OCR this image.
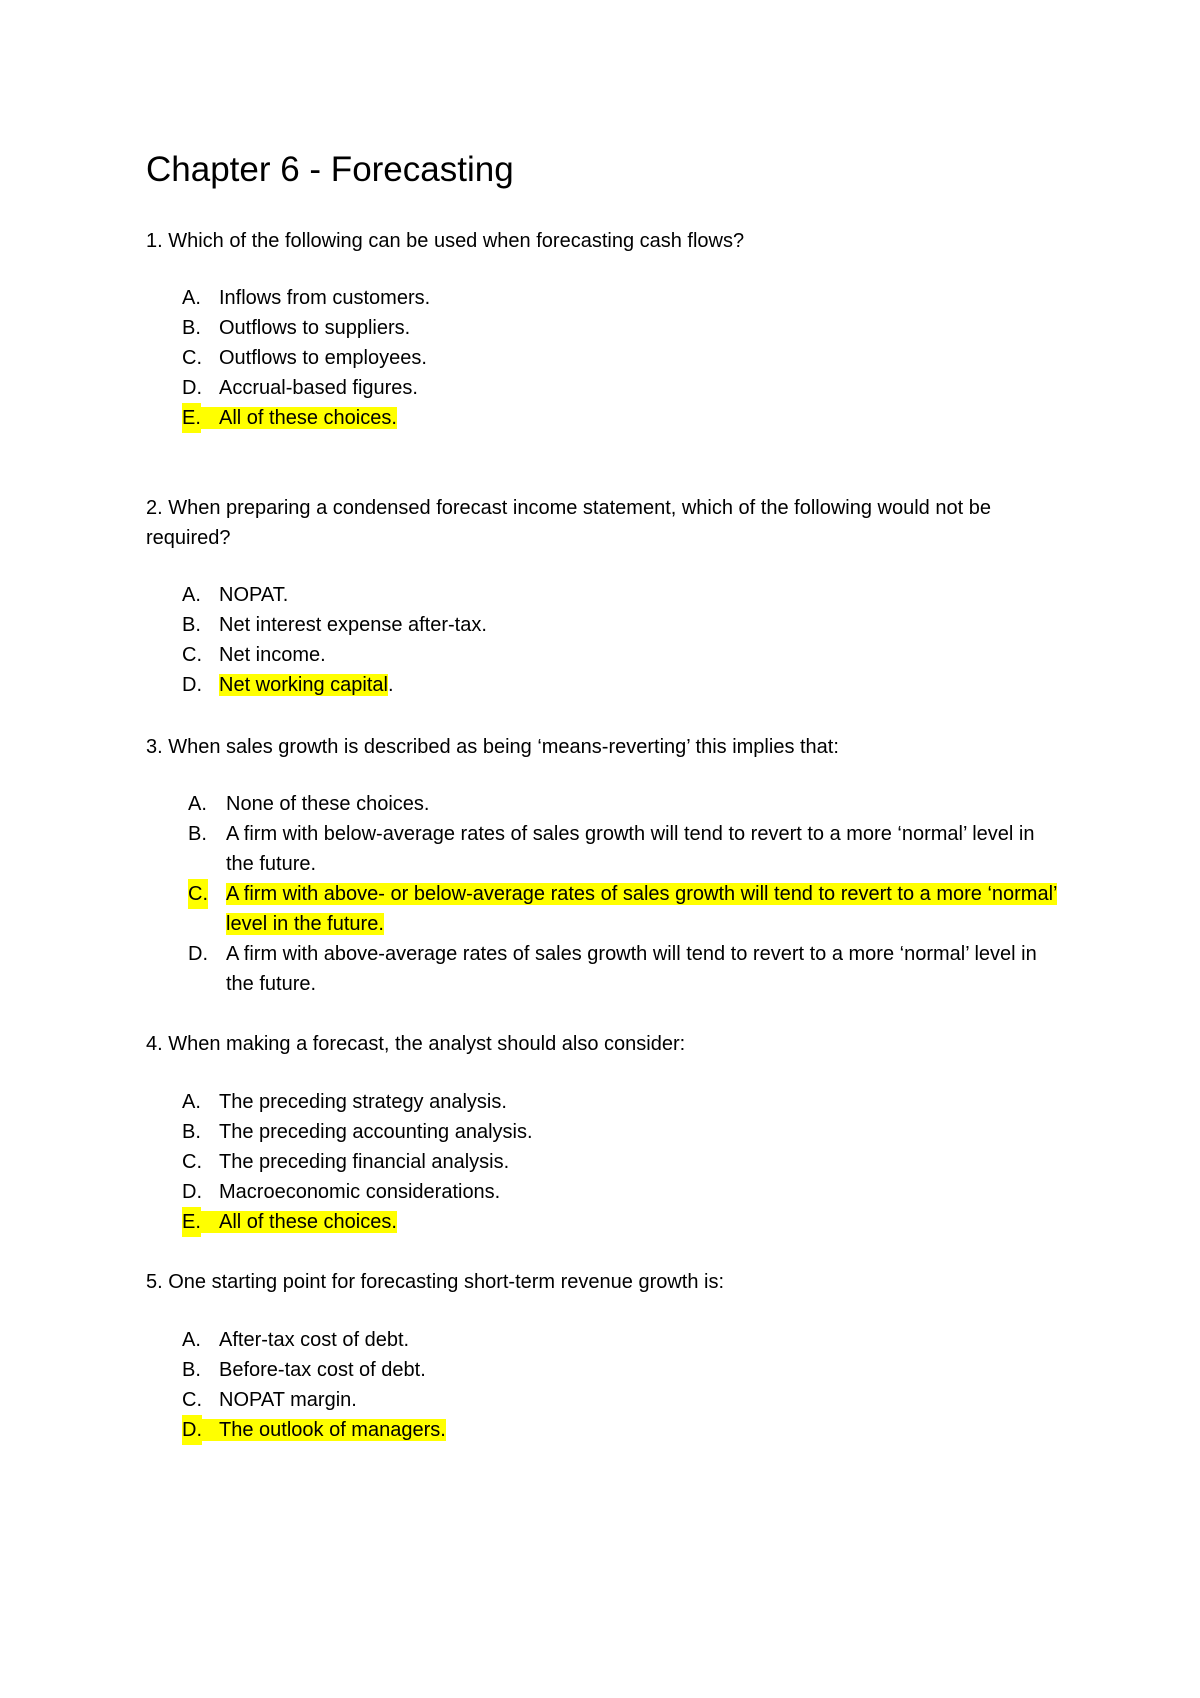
Chapter 6 - Forecasting

1. Which of the following can be used when forecasting cash flows?

A. Inflows from customers.
B. Outflows to suppliers.
C. Outflows to employees.
D. Accrual-based figures.
E. All of these choices.

2. When preparing a condensed forecast income statement, which of the following would not be required?

A. NOPAT.
B. Net interest expense after-tax.
C. Net income.
D. Net working capital.

3. When sales growth is described as being ‘means-reverting’ this implies that:

A. None of these choices.
B. A firm with below-average rates of sales growth will tend to revert to a more ‘normal’ level in the future.
C. A firm with above- or below-average rates of sales growth will tend to revert to a more ‘normal’ level in the future.
D. A firm with above-average rates of sales growth will tend to revert to a more ‘normal’ level in the future.

4. When making a forecast, the analyst should also consider:

A. The preceding strategy analysis.
B. The preceding accounting analysis.
C. The preceding financial analysis.
D. Macroeconomic considerations.
E. All of these choices.

5. One starting point for forecasting short-term revenue growth is:

A. After-tax cost of debt.
B. Before-tax cost of debt.
C. NOPAT margin.
D. The outlook of managers.
